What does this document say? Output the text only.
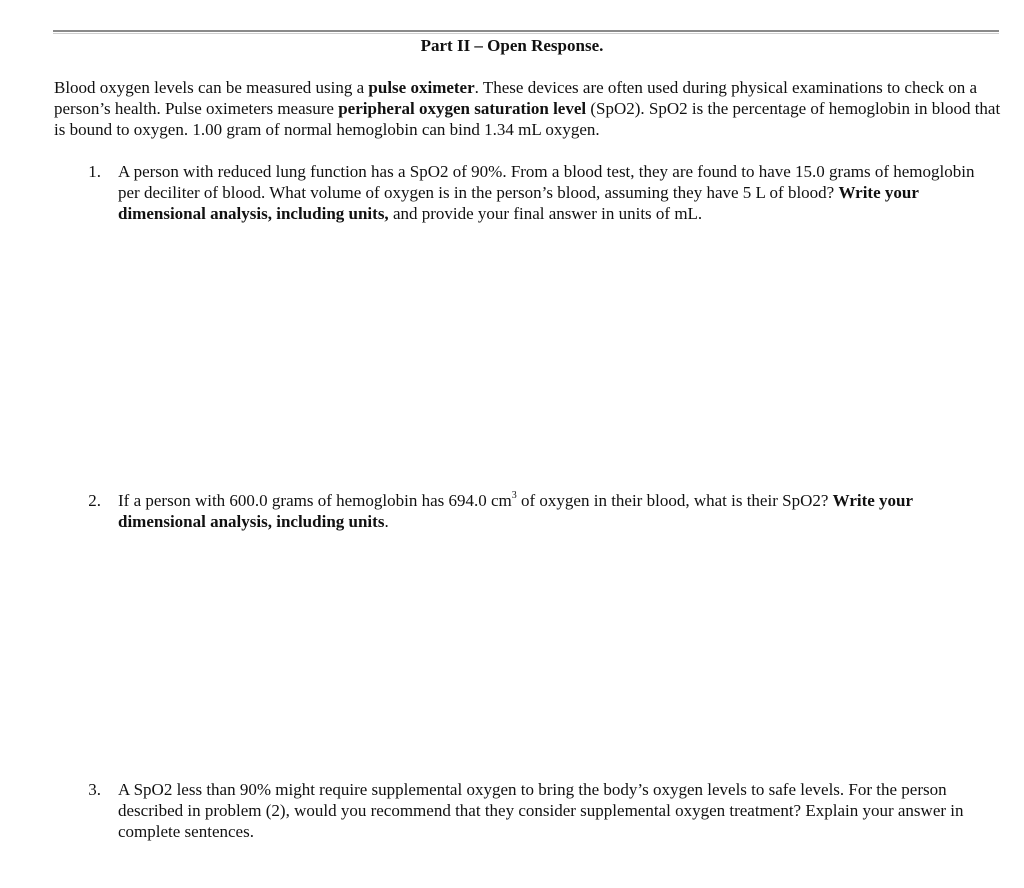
Part II – Open Response.

Blood oxygen levels can be measured using a pulse oximeter. These devices are often used during physical examinations to check on a person’s health. Pulse oximeters measure peripheral oxygen saturation level (SpO2). SpO2 is the percentage of hemoglobin in blood that is bound to oxygen. 1.00 gram of normal hemoglobin can bind 1.34 mL oxygen.

1. A person with reduced lung function has a SpO2 of 90%. From a blood test, they are found to have 15.0 grams of hemoglobin per deciliter of blood. What volume of oxygen is in the person’s blood, assuming they have 5 L of blood? Write your dimensional analysis, including units, and provide your final answer in units of mL.

2. If a person with 600.0 grams of hemoglobin has 694.0 $cm^3$ of oxygen in their blood, what is their SpO2? Write your dimensional analysis, including units.

3. A SpO2 less than 90% might require supplemental oxygen to bring the body’s oxygen levels to safe levels. For the person described in problem (2), would you recommend that they consider supplemental oxygen treatment? Explain your answer in complete sentences.
